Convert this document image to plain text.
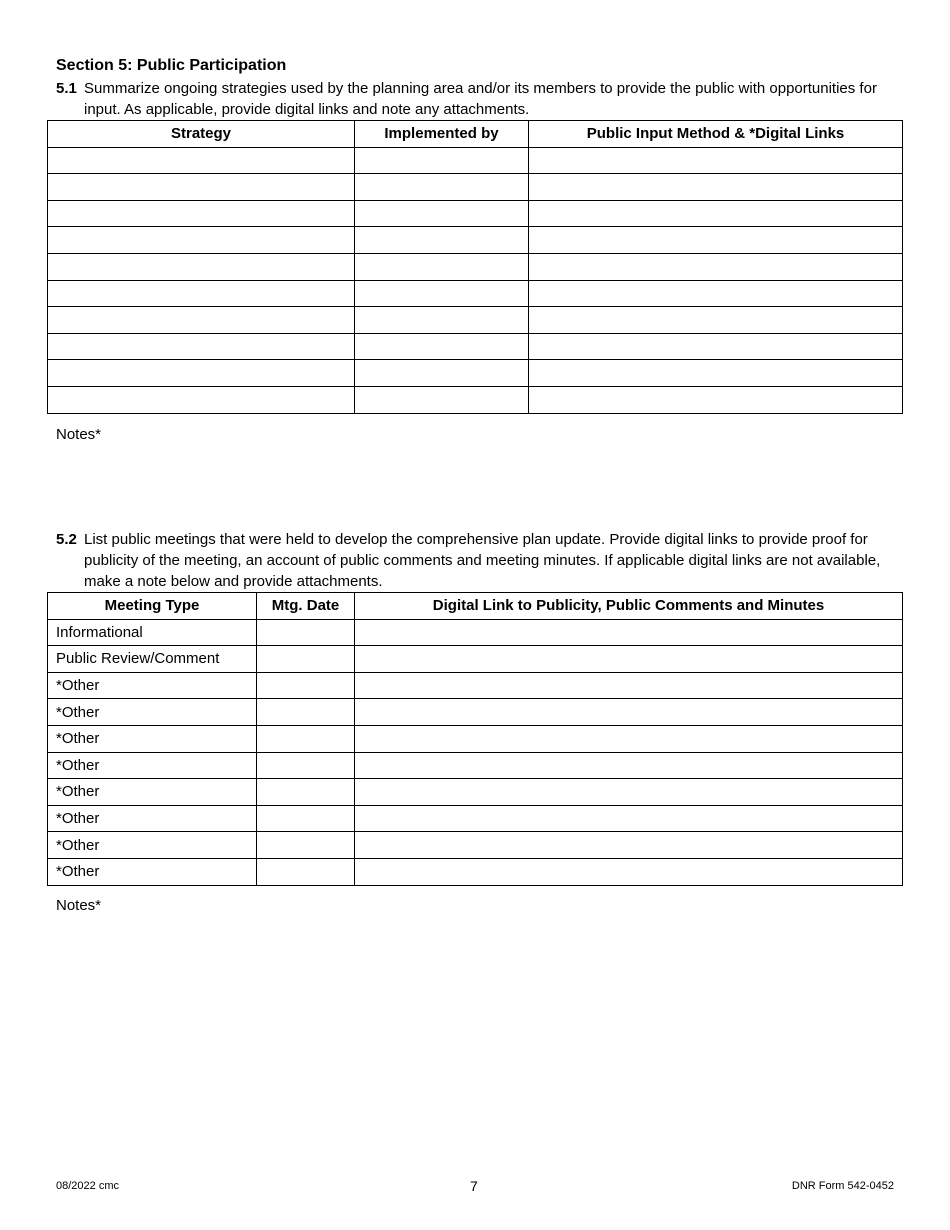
Section 5: Public Participation
5.1 Summarize ongoing strategies used by the planning area and/or its members to provide the public with opportunities for input. As applicable, provide digital links and note any attachments.
Strategy	Implemented by	Public Input Method & *Digital Links

Notes*
5.2 List public meetings that were held to develop the comprehensive plan update. Provide digital links to provide proof for publicity of the meeting, an account of public comments and meeting minutes. If applicable digital links are not available, make a note below and provide attachments.
Meeting Type	Mtg. Date	Digital Link to Publicity, Public Comments and Minutes
Informational		
Public Review/Comment		
*Other		
*Other		
*Other		
*Other		
*Other		
*Other		
*Other		
*Other		
Notes*
08/2022 cmc	7	DNR Form 542-0452
